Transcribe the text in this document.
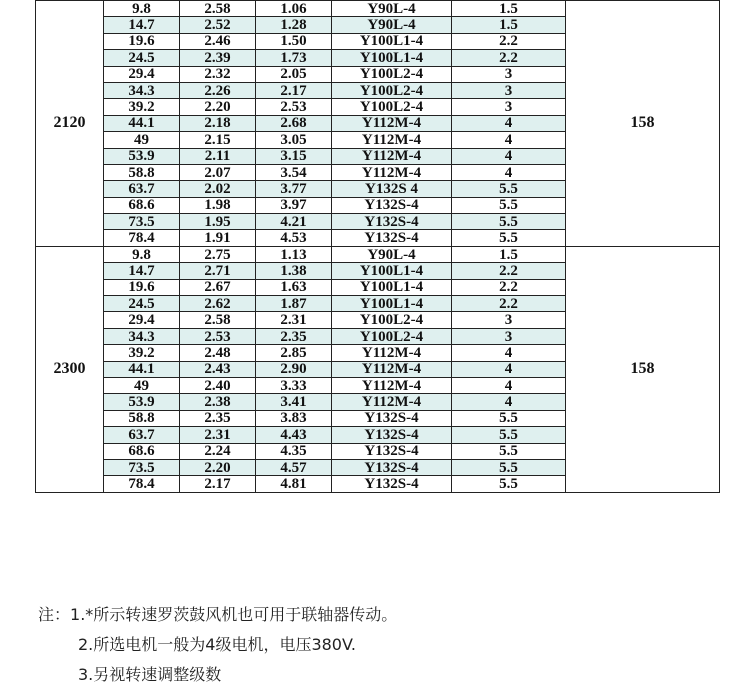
2120	9.8	2.58	1.06	Y90L-4	1.5	158
	14.7	2.52	1.28	Y90L-4	1.5	
	19.6	2.46	1.50	Y100L1-4	2.2	
	24.5	2.39	1.73	Y100L1-4	2.2	
	29.4	2.32	2.05	Y100L2-4	3	
	34.3	2.26	2.17	Y100L2-4	3	
	39.2	2.20	2.53	Y100L2-4	3	
	44.1	2.18	2.68	Y112M-4	4	
	49	2.15	3.05	Y112M-4	4	
	53.9	2.11	3.15	Y112M-4	4	
	58.8	2.07	3.54	Y112M-4	4	
	63.7	2.02	3.77	Y132S 4	5.5	
	68.6	1.98	3.97	Y132S-4	5.5	
	73.5	1.95	4.21	Y132S-4	5.5	
	78.4	1.91	4.53	Y132S-4	5.5	
2300	9.8	2.75	1.13	Y90L-4	1.5	158
	14.7	2.71	1.38	Y100L1-4	2.2	
	19.6	2.67	1.63	Y100L1-4	2.2	
	24.5	2.62	1.87	Y100L1-4	2.2	
	29.4	2.58	2.31	Y100L2-4	3	
	34.3	2.53	2.35	Y100L2-4	3	
	39.2	2.48	2.85	Y112M-4	4	
	44.1	2.43	2.90	Y112M-4	4	
	49	2.40	3.33	Y112M-4	4	
	53.9	2.38	3.41	Y112M-4	4	
	58.8	2.35	3.83	Y132S-4	5.5	
	63.7	2.31	4.43	Y132S-4	5.5	
	68.6	2.24	4.35	Y132S-4	5.5	
	73.5	2.20	4.57	Y132S-4	5.5	
	78.4	2.17	4.81	Y132S-4	5.5	
注：1.*所示转速罗茨鼓风机也可用于联轴器传动。
2.所选电机一般为4级电机，电压380V.
3.另视转速调整级数
